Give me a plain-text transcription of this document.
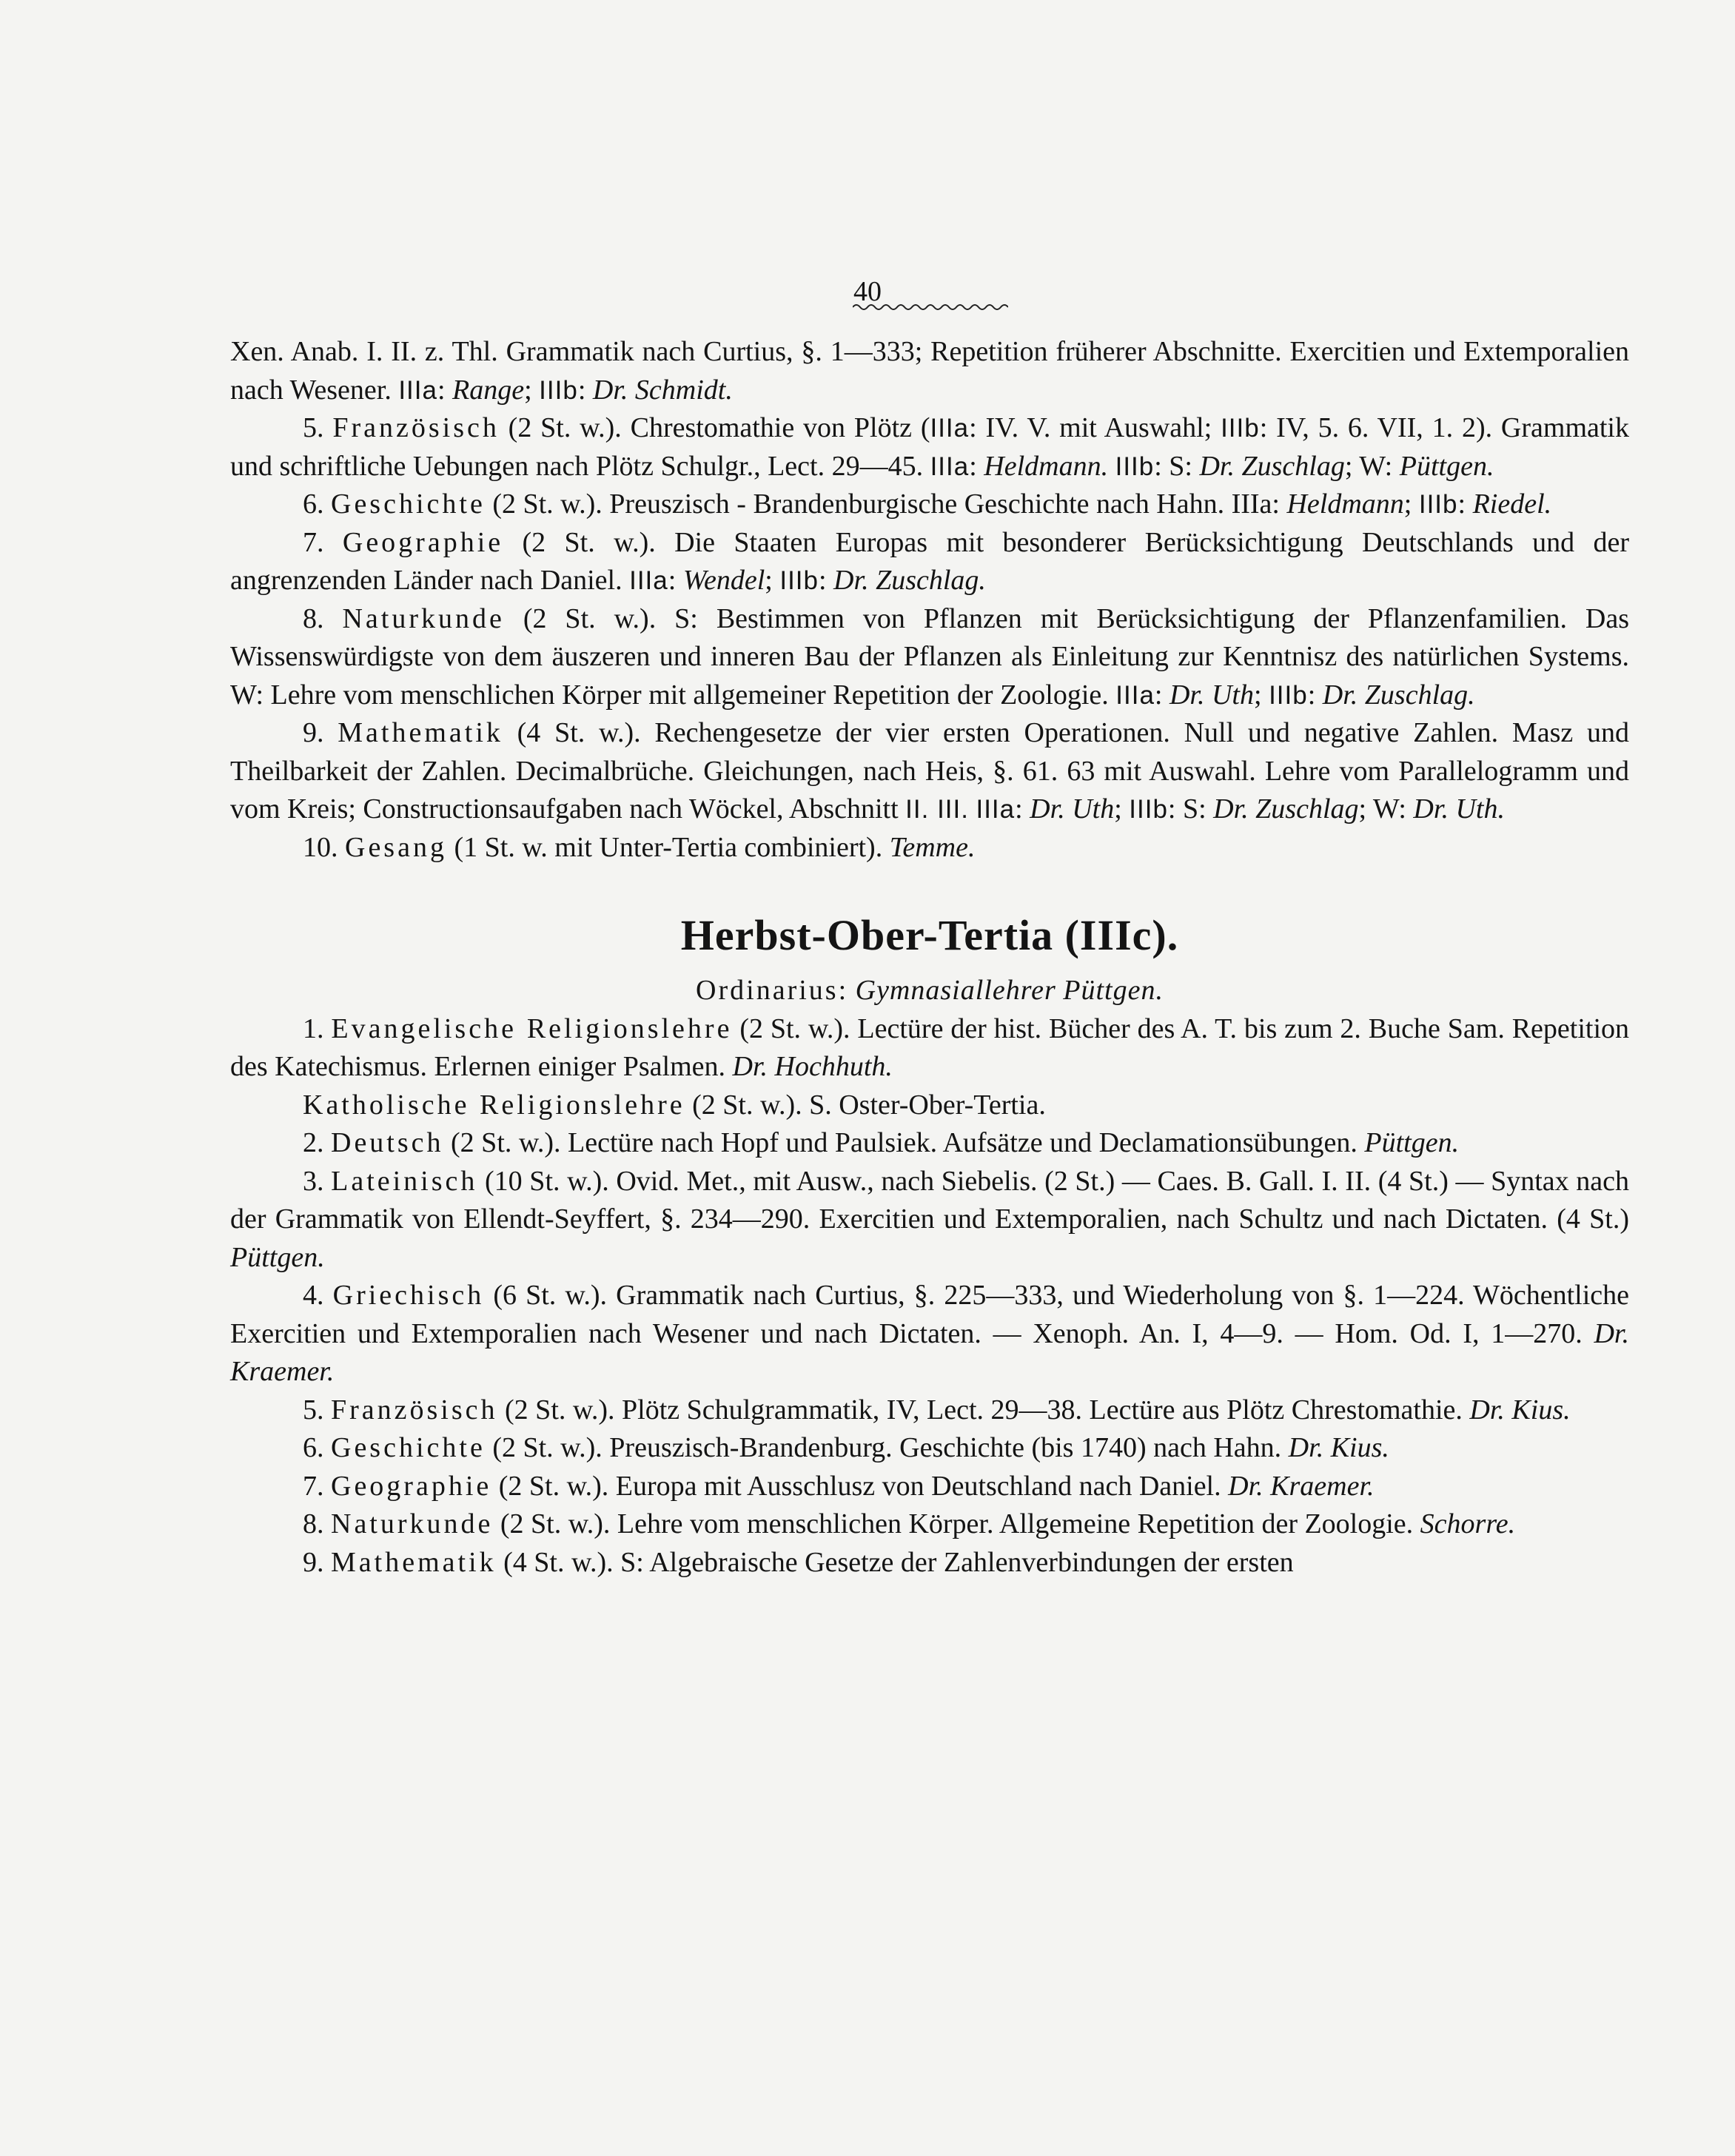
40

Xen. Anab. I. II. z. Thl. Grammatik nach Curtius, §. 1—333; Repetition früherer Abschnitte. Exercitien und Extemporalien nach Wesener. IIIa: Range; IIIb: Dr. Schmidt.

5. Französisch (2 St. w.). Chrestomathie von Plötz (IIIa: IV. V. mit Auswahl; IIIb: IV, 5. 6. VII, 1. 2). Grammatik und schriftliche Uebungen nach Plötz Schulgr., Lect. 29—45. IIIa: Heldmann. IIIb: S: Dr. Zuschlag; W: Püttgen.

6. Geschichte (2 St. w.). Preuszisch - Brandenburgische Geschichte nach Hahn. IIIa: Heldmann; IIIb: Riedel.

7. Geographie (2 St. w.). Die Staaten Europas mit besonderer Berücksichtigung Deutschlands und der angrenzenden Länder nach Daniel. IIIa: Wendel; IIIb: Dr. Zuschlag.

8. Naturkunde (2 St. w.). S: Bestimmen von Pflanzen mit Berücksichtigung der Pflanzenfamilien. Das Wissenswürdigste von dem äuszeren und inneren Bau der Pflanzen als Einleitung zur Kenntnisz des natürlichen Systems. W: Lehre vom menschlichen Körper mit allgemeiner Repetition der Zoologie. IIIa: Dr. Uth; IIIb: Dr. Zuschlag.

9. Mathematik (4 St. w.). Rechengesetze der vier ersten Operationen. Null und negative Zahlen. Masz und Theilbarkeit der Zahlen. Decimalbrüche. Gleichungen, nach Heis, §. 61. 63 mit Auswahl. Lehre vom Parallelogramm und vom Kreis; Constructionsaufgaben nach Wöckel, Abschnitt II. III. IIIa: Dr. Uth; IIIb: S: Dr. Zuschlag; W: Dr. Uth.

10. Gesang (1 St. w. mit Unter-Tertia combiniert). Temme.

Herbst-Ober-Tertia (IIIc).
Ordinarius: Gymnasiallehrer Püttgen.

1. Evangelische Religionslehre (2 St. w.). Lectüre der hist. Bücher des A. T. bis zum 2. Buche Sam. Repetition des Katechismus. Erlernen einiger Psalmen. Dr. Hochhuth.

Katholische Religionslehre (2 St. w.). S. Oster-Ober-Tertia.

2. Deutsch (2 St. w.). Lectüre nach Hopf und Paulsiek. Aufsätze und Declamationsübungen. Püttgen.

3. Lateinisch (10 St. w.). Ovid. Met., mit Ausw., nach Siebelis. (2 St.) — Caes. B. Gall. I. II. (4 St.) — Syntax nach der Grammatik von Ellendt-Seyffert, §. 234—290. Exercitien und Extemporalien, nach Schultz und nach Dictaten. (4 St.) Püttgen.

4. Griechisch (6 St. w.). Grammatik nach Curtius, §. 225—333, und Wiederholung von §. 1—224. Wöchentliche Exercitien und Extemporalien nach Wesener und nach Dictaten. — Xenoph. An. I, 4—9. — Hom. Od. I, 1—270. Dr. Kraemer.

5. Französisch (2 St. w.). Plötz Schulgrammatik, IV, Lect. 29—38. Lectüre aus Plötz Chrestomathie. Dr. Kius.

6. Geschichte (2 St. w.). Preuszisch-Brandenburg. Geschichte (bis 1740) nach Hahn. Dr. Kius.

7. Geographie (2 St. w.). Europa mit Ausschlusz von Deutschland nach Daniel. Dr. Kraemer.

8. Naturkunde (2 St. w.). Lehre vom menschlichen Körper. Allgemeine Repetition der Zoologie. Schorre.

9. Mathematik (4 St. w.). S: Algebraische Gesetze der Zahlenverbindungen der ersten
